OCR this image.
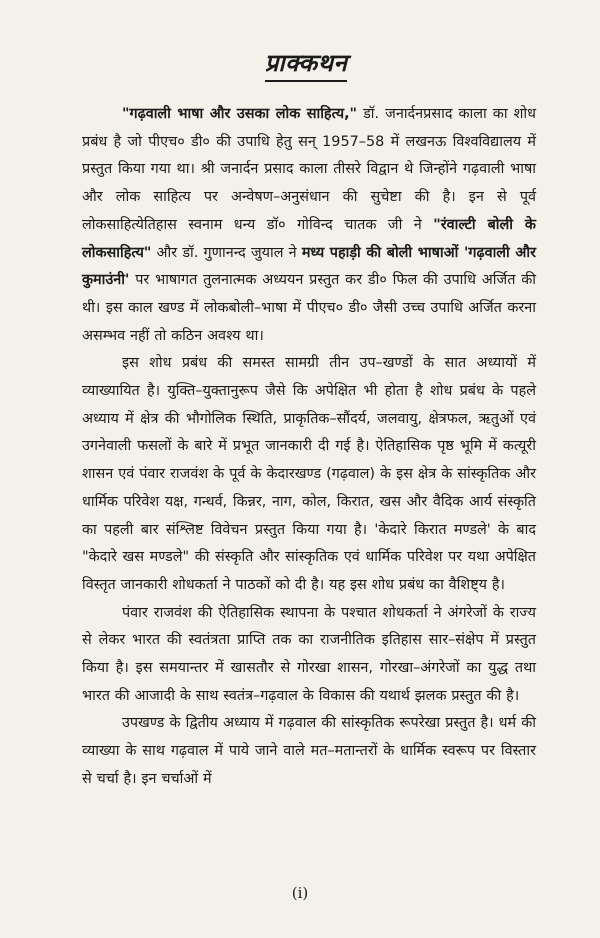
प्राक्कथन

"गढ़वाली भाषा और उसका लोक साहित्य," डॉ. जनार्दनप्रसाद काला का शोध प्रबंध है जो पीएच० डी० की उपाधि हेतु सन् 1957–58 में लखनऊ विश्वविद्यालय में प्रस्तुत किया गया था। श्री जनार्दन प्रसाद काला तीसरे विद्वान थे जिन्होंने गढ़वाली भाषा और लोक साहित्य पर अन्वेषण–अनुसंधान की सुचेष्टा की है। इन से पूर्व लोकसाहित्येतिहास स्वनाम धन्य डॉ० गोविन्द चातक जी ने "रंवाल्टी बोली के लोकसाहित्य" और डॉ. गुणानन्द जुयाल ने मध्य पहाड़ी की बोली भाषाओं 'गढ़वाली और कुमाउंनी' पर भाषागत तुलनात्मक अध्ययन प्रस्तुत कर डी० फिल की उपाधि अर्जित की थी। इस काल खण्ड में लोकबोली–भाषा में पीएच० डी० जैसी उच्च उपाधि अर्जित करना असम्भव नहीं तो कठिन अवश्य था।

इस शोध प्रबंध की समस्त सामग्री तीन उप–खण्डों के सात अध्यायों में व्याख्यायित है। युक्ति–युक्तानुरूप जैसे कि अपेक्षित भी होता है शोध प्रबंध के पहले अध्याय में क्षेत्र की भौगोलिक स्थिति, प्राकृतिक–सौंदर्य, जलवायु, क्षेत्रफल, ऋतुओं एवं उगनेवाली फसलों के बारे में प्रभूत जानकारी दी गई है। ऐतिहासिक पृष्ठ भूमि में कत्यूरी शासन एवं पंवार राजवंश के पूर्व के केदारखण्ड (गढ़वाल) के इस क्षेत्र के सांस्कृतिक और धार्मिक परिवेश यक्ष, गन्धर्व, किन्नर, नाग, कोल, किरात, खस और वैदिक आर्य संस्कृति का पहली बार संश्लिष्ट विवेचन प्रस्तुत किया गया है। 'केदारे किरात मण्डले' के बाद "केदारे खस मण्डले" की संस्कृति और सांस्कृतिक एवं धार्मिक परिवेश पर यथा अपेक्षित विस्तृत जानकारी शोधकर्ता ने पाठकों को दी है। यह इस शोध प्रबंध का वैशिष्ट्य है।

पंवार राजवंश की ऐतिहासिक स्थापना के पश्चात शोधकर्ता ने अंगरेजों के राज्य से लेकर भारत की स्वतंत्रता प्राप्ति तक का राजनीतिक इतिहास सार–संक्षेप में प्रस्तुत किया है। इस समयान्तर में खासतौर से गोरखा शासन, गोरखा–अंगरेजों का युद्ध तथा भारत की आजादी के साथ स्वतंत्र–गढ़वाल के विकास की यथार्थ झलक प्रस्तुत की है।

उपखण्ड के द्वितीय अध्याय में गढ़वाल की सांस्कृतिक रूपरेखा प्रस्तुत है। धर्म की व्याख्या के साथ गढ़वाल में पाये जाने वाले मत–मतान्तरों के धार्मिक स्वरूप पर विस्तार से चर्चा है। इन चर्चाओं में

(i)
